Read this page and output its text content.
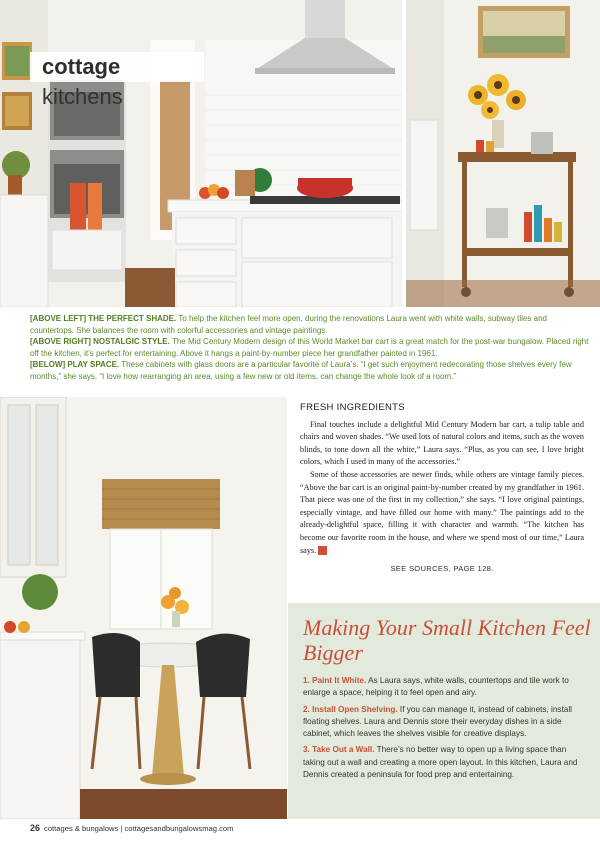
cottage kitchens
[ABOVE LEFT] THE PERFECT SHADE. To help the kitchen feel more open, during the renovations Laura went with white walls, subway tiles and countertops. She balances the room with colorful accessories and vintage paintings.
[ABOVE RIGHT] NOSTALGIC STYLE. The Mid Century Modern design of this World Market bar cart is a great match for the post-war bungalow. Placed right off the kitchen, it’s perfect for entertaining. Above it hangs a paint-by-number piece her grandfather painted in 1961.
[BELOW] PLAY SPACE. These cabinets with glass doors are a particular favorite of Laura’s. “I get such enjoyment redecorating those shelves every few months,” she says. “I love how rearranging an area, using a few new or old items, can change the whole look of a room.”
FRESH INGREDIENTS

Final touches include a delightful Mid Century Modern bar cart, a tulip table and chairs and woven shades. “We used lots of natural colors and items, such as the woven blinds, to tone down all the white,” Laura says. “Plus, as you can see, I love bright colors, which I used in many of the accessories.”

Some of those accessories are newer finds, while others are vintage family pieces. “Above the bar cart is an original paint-by-number created by my grandfather in 1961. That piece was one of the first in my collection,” she says. “I love original paintings, especially vintage, and have filled our home with many.” The paintings add to the already-delightful space, filling it with character and warmth. “The kitchen has become our favorite room in the house, and where we spend most of our time,” Laura says. ▣

SEE SOURCES, PAGE 128.
Making Your Small Kitchen Feel Bigger
1. Paint It White. As Laura says, white walls, countertops and tile work to enlarge a space, helping it to feel open and airy.
2. Install Open Shelving. If you can manage it, instead of cabinets, install floating shelves. Laura and Dennis store their everyday dishes in a side cabinet, which leaves the shelves visible for creative displays.
3. Take Out a Wall. There’s no better way to open up a living space than taking out a wall and creating a more open layout. In this kitchen, Laura and Dennis created a peninsula for food prep and entertaining.
26 cottages & bungalows | cottagesandbungalowsmag.com
